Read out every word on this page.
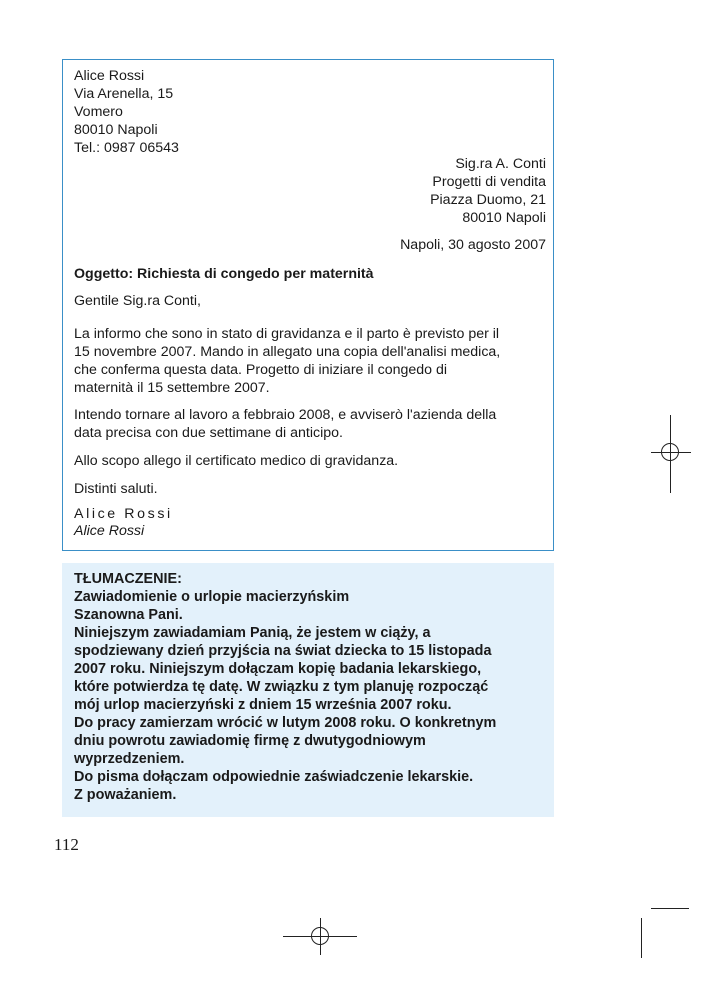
Alice Rossi
Via Arenella, 15
Vomero
80010 Napoli
Tel.: 0987 06543
Sig.ra A. Conti
Progetti di vendita
Piazza Duomo, 21
80010 Napoli
Napoli, 30 agosto 2007
Oggetto: Richiesta di congedo per maternità
Gentile Sig.ra Conti,
La informo che sono in stato di gravidanza e il parto è previsto per il
15 novembre 2007. Mando in allegato una copia dell'analisi medica,
che conferma questa data. Progetto di iniziare il congedo di
maternità il 15 settembre 2007.
Intendo tornare al lavoro a febbraio 2008, e avviserò l'azienda della
data precisa con due settimane di anticipo.
Allo scopo allego il certificato medico di gravidanza.
Distinti saluti.
Alice Rossi
Alice Rossi
TŁUMACZENIE:
Zawiadomienie o urlopie macierzyńskim
Szanowna Pani.
Niniejszym zawiadamiam Panią, że jestem w ciąży, a
spodziewany dzień przyjścia na świat dziecka to 15 listopada
2007 roku. Niniejszym dołączam kopię badania lekarskiego,
które potwierdza tę datę. W związku z tym planuję rozpocząć
mój urlop macierzyński z dniem 15 września 2007 roku.
Do pracy zamierzam wrócić w lutym 2008 roku. O konkretnym
dniu powrotu zawiadomię firmę z dwutygodniowym
wyprzedzeniem.
Do pisma dołączam odpowiednie zaświadczenie lekarskie.
Z poważaniem.
112
